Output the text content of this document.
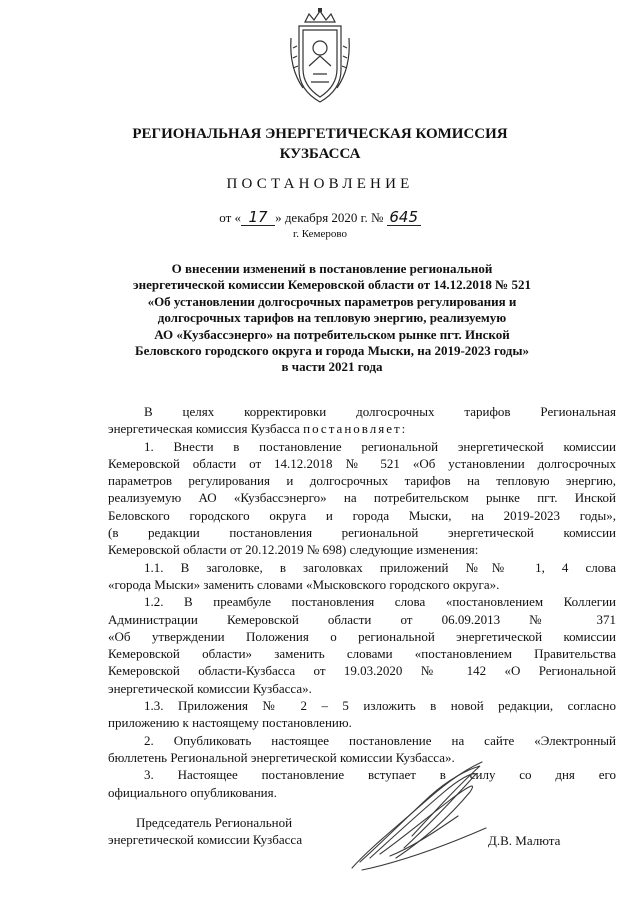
РЕГИОНАЛЬНАЯ ЭНЕРГЕТИЧЕСКАЯ КОМИССИЯ
КУЗБАССА
ПОСТАНОВЛЕНИЕ
от « 17 » декабря 2020 г. № 645
г. Кемерово
О внесении изменений в постановление региональной
энергетической комиссии Кемеровской области от 14.12.2018 № 521
«Об установлении долгосрочных параметров регулирования и
долгосрочных тарифов на тепловую энергию, реализуемую
АО «Кузбассэнерго» на потребительском рынке пгт. Инской
Беловского городского округа и города Мыски, на 2019-2023 годы»
в части 2021 года
В целях корректировки долгосрочных тарифов Региональная
энергетическая комиссия Кузбасса постановляет:
1. Внести в постановление региональной энергетической комиссии
Кемеровской области от 14.12.2018 № 521 «Об установлении долгосрочных
параметров регулирования и долгосрочных тарифов на тепловую энергию,
реализуемую АО «Кузбассэнерго» на потребительском рынке пгт. Инской
Беловского городского округа и города Мыски, на 2019-2023 годы»,
(в редакции постановления региональной энергетической комиссии
Кемеровской области от 20.12.2019 № 698) следующие изменения:
1.1. В заголовке, в заголовках приложений №№ 1, 4 слова
«города Мыски» заменить словами «Мысковского городского округа».
1.2. В преамбуле постановления слова «постановлением Коллегии
Администрации Кемеровской области от 06.09.2013 № 371
«Об утверждении Положения о региональной энергетической комиссии
Кемеровской области» заменить словами «постановлением Правительства
Кемеровской области-Кузбасса от 19.03.2020 № 142 «О Региональной
энергетической комиссии Кузбасса».
1.3. Приложения № 2 – 5 изложить в новой редакции, согласно
приложению к настоящему постановлению.
2. Опубликовать настоящее постановление на сайте «Электронный
бюллетень Региональной энергетической комиссии Кузбасса».
3. Настоящее постановление вступает в силу со дня его
официального опубликования.
Председатель Региональной
энергетической комиссии Кузбасса	Д.В. Малюта
